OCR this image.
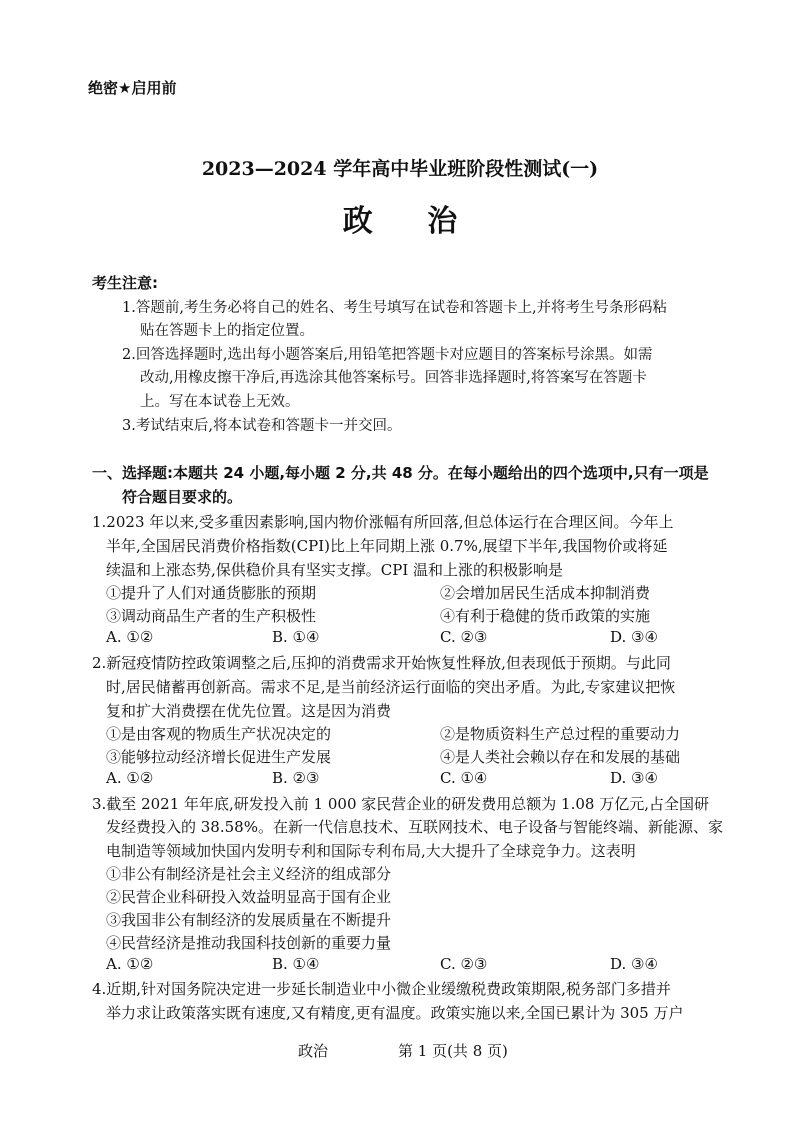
绝密★启用前
2023—2024 学年高中毕业班阶段性测试(一)
政 治
考生注意:
1.答题前,考生务必将自己的姓名、考生号填写在试卷和答题卡上,并将考生号条形码粘
贴在答题卡上的指定位置。
2.回答选择题时,选出每小题答案后,用铅笔把答题卡对应题目的答案标号涂黑。如需
改动,用橡皮擦干净后,再选涂其他答案标号。回答非选择题时,将答案写在答题卡
上。写在本试卷上无效。
3.考试结束后,将本试卷和答题卡一并交回。
一、选择题:本题共 24 小题,每小题 2 分,共 48 分。在每小题给出的四个选项中,只有一项是
符合题目要求的。
1.2023 年以来,受多重因素影响,国内物价涨幅有所回落,但总体运行在合理区间。今年上
半年,全国居民消费价格指数(CPI)比上年同期上涨 0.7%,展望下半年,我国物价或将延
续温和上涨态势,保供稳价具有坚实支撑。CPI 温和上涨的积极影响是
①提升了人们对通货膨胀的预期	②会增加居民生活成本抑制消费
③调动商品生产者的生产积极性	④有利于稳健的货币政策的实施
A. ①②	B. ①④	C. ②③	D. ③④
2.新冠疫情防控政策调整之后,压抑的消费需求开始恢复性释放,但表现低于预期。与此同
时,居民储蓄再创新高。需求不足,是当前经济运行面临的突出矛盾。为此,专家建议把恢
复和扩大消费摆在优先位置。这是因为消费
①是由客观的物质生产状况决定的	②是物质资料生产总过程的重要动力
③能够拉动经济增长促进生产发展	④是人类社会赖以存在和发展的基础
A. ①②	B. ②③	C. ①④	D. ③④
3.截至 2021 年年底,研发投入前 1 000 家民营企业的研发费用总额为 1.08 万亿元,占全国研
发经费投入的 38.58%。在新一代信息技术、互联网技术、电子设备与智能终端、新能源、家
电制造等领域加快国内发明专利和国际专利布局,大大提升了全球竞争力。这表明
①非公有制经济是社会主义经济的组成部分
②民营企业科研投入效益明显高于国有企业
③我国非公有制经济的发展质量在不断提升
④民营经济是推动我国科技创新的重要力量
A. ①②	B. ①④	C. ②③	D. ③④
4.近期,针对国务院决定进一步延长制造业中小微企业缓缴税费政策期限,税务部门多措并
举力求让政策落实既有速度,又有精度,更有温度。政策实施以来,全国已累计为 305 万户
政治	第 1 页(共 8 页)
